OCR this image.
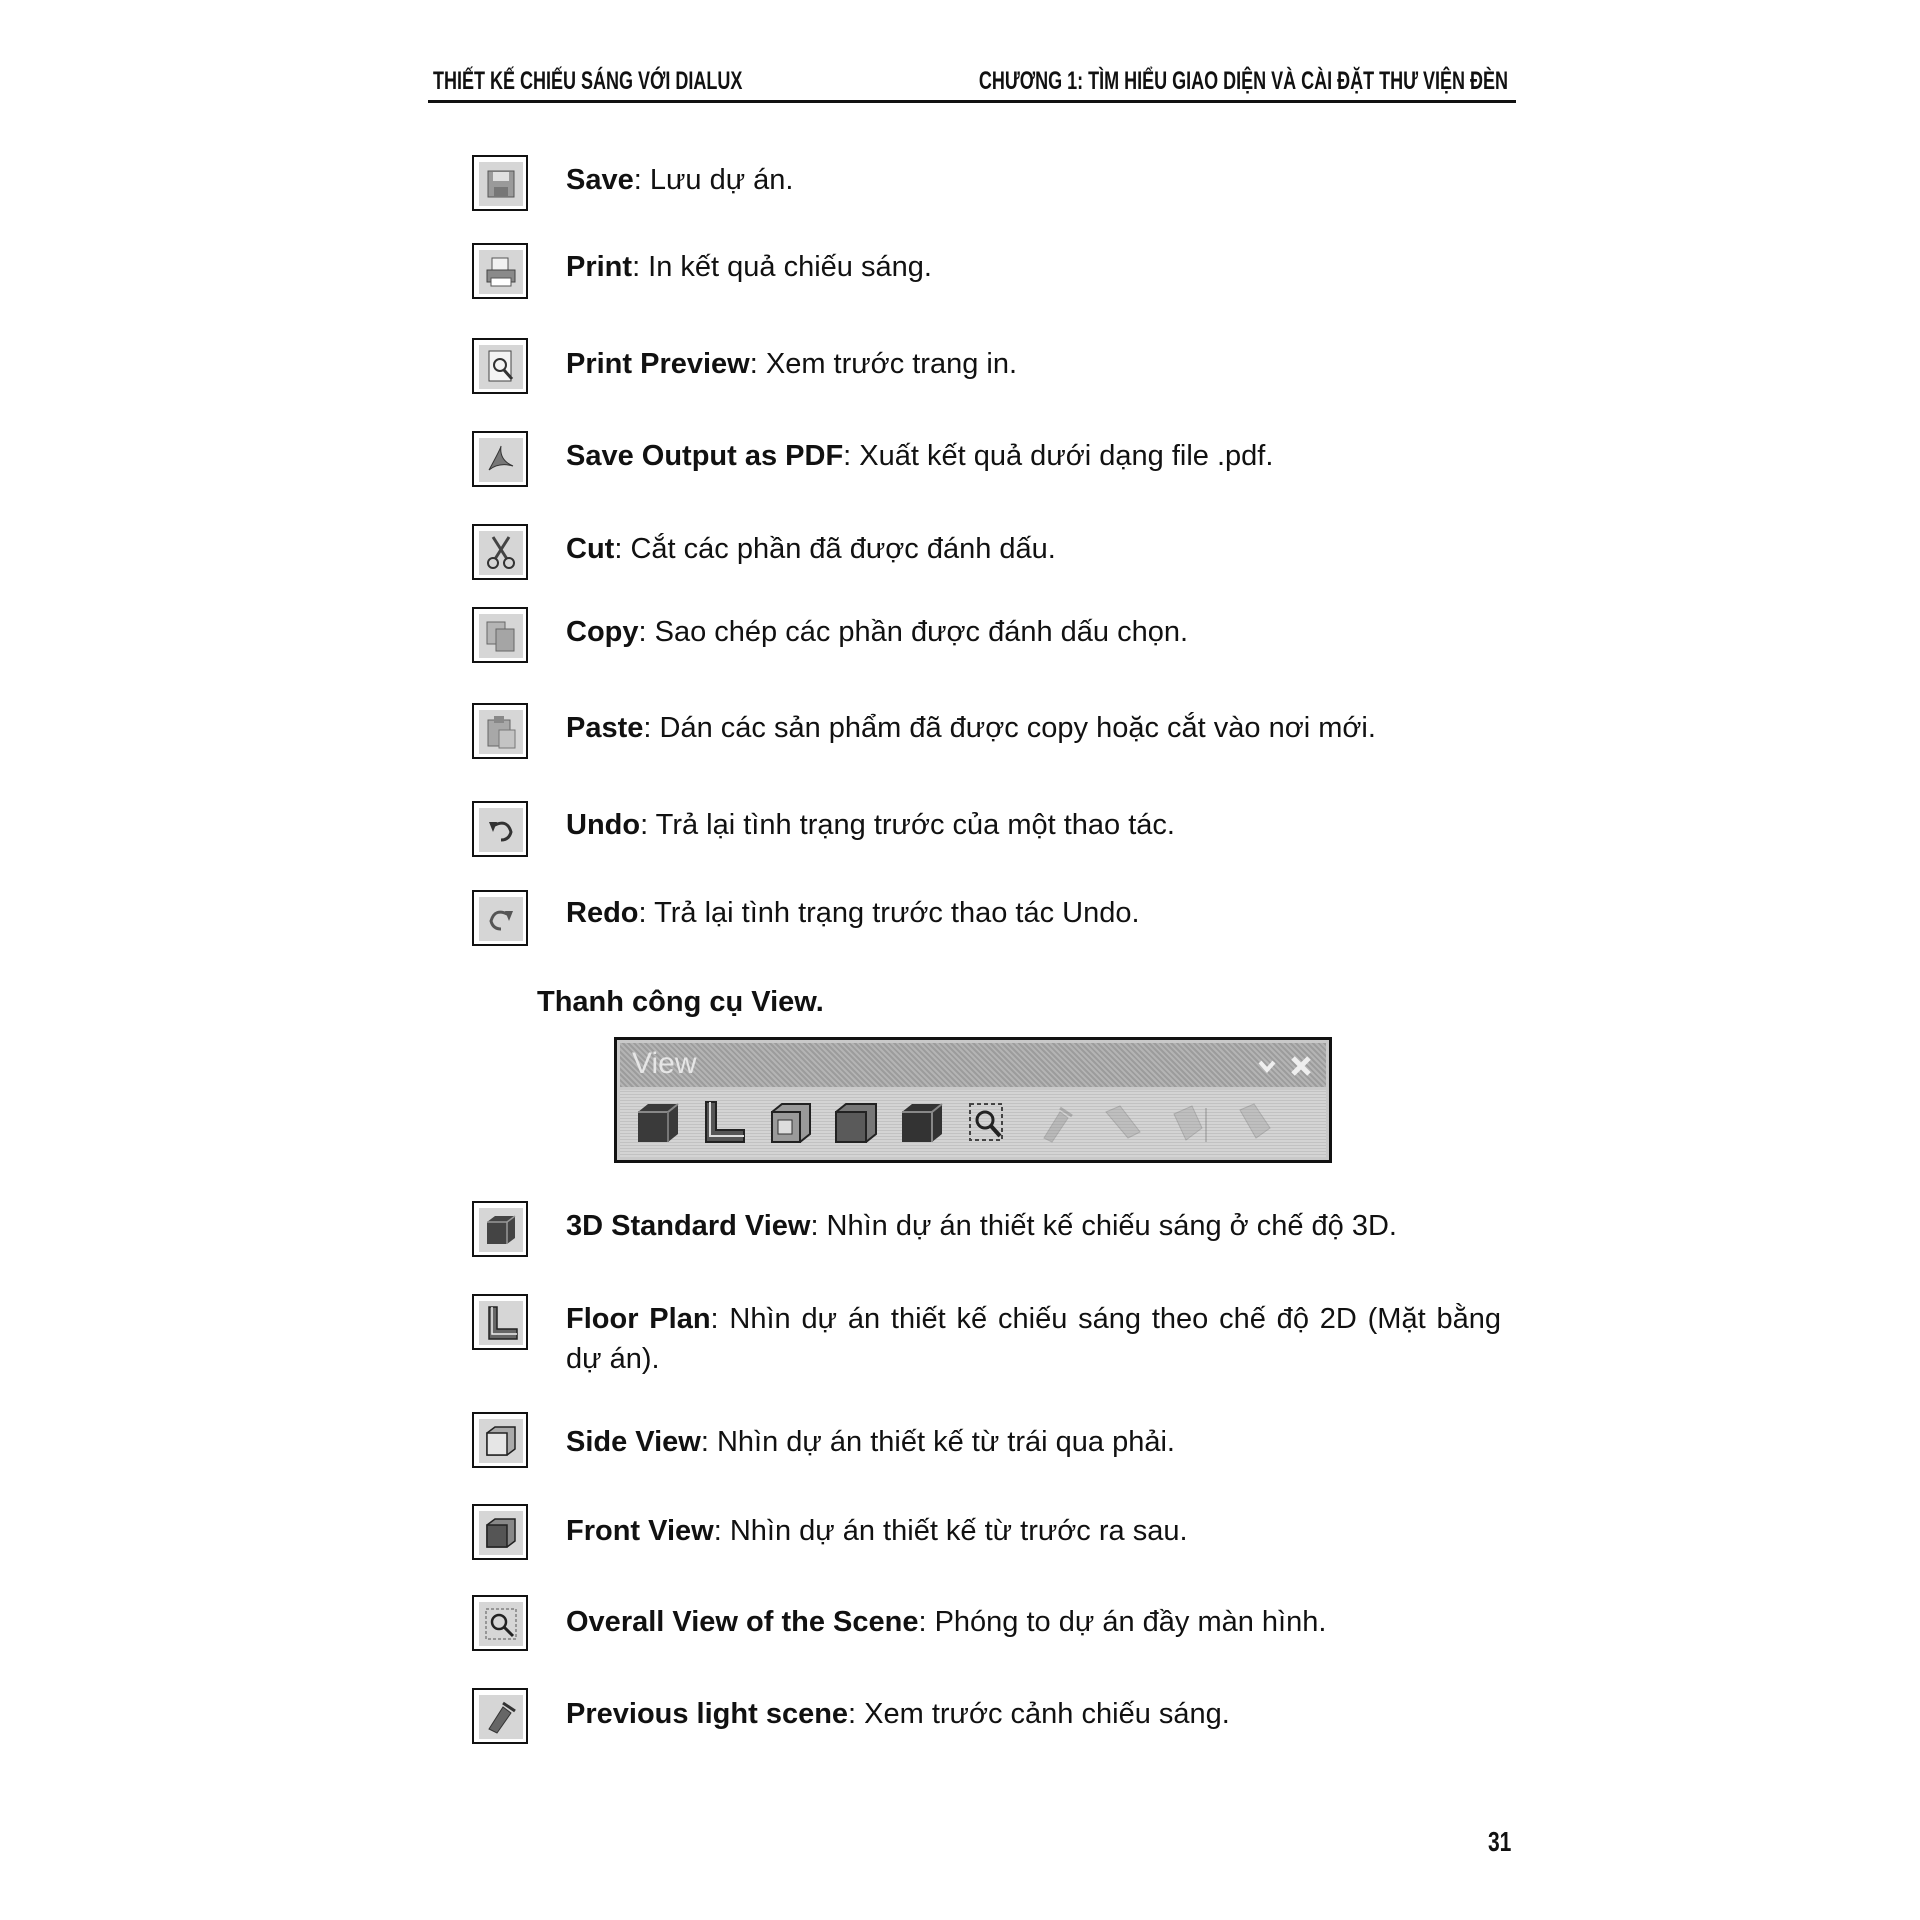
THIẾT KẾ CHIẾU SÁNG VỚI DIALUX	CHƯƠNG 1: TÌM HIỂU GIAO DIỆN VÀ CÀI ĐẶT THƯ VIỆN ĐÈN
Save: Lưu dự án.
Print: In kết quả chiếu sáng.
Print Preview: Xem trước trang in.
Save Output as PDF: Xuất kết quả dưới dạng file .pdf.
Cut: Cắt các phần đã được đánh dấu.
Copy: Sao chép các phần được đánh dấu chọn.
Paste: Dán các sản phẩm đã được copy hoặc cắt vào nơi mới.
Undo: Trả lại tình trạng trước của một thao tác.
Redo: Trả lại tình trạng trước thao tác Undo.
Thanh công cụ View.
View
3D Standard View: Nhìn dự án thiết kế chiếu sáng ở chế độ 3D.
Floor Plan: Nhìn dự án thiết kế chiếu sáng theo chế độ 2D (Mặt bằng dự án).
Side View: Nhìn dự án thiết kế từ trái qua phải.
Front View: Nhìn dự án thiết kế từ trước ra sau.
Overall View of the Scene: Phóng to dự án đầy màn hình.
Previous light scene: Xem trước cảnh chiếu sáng.
31
